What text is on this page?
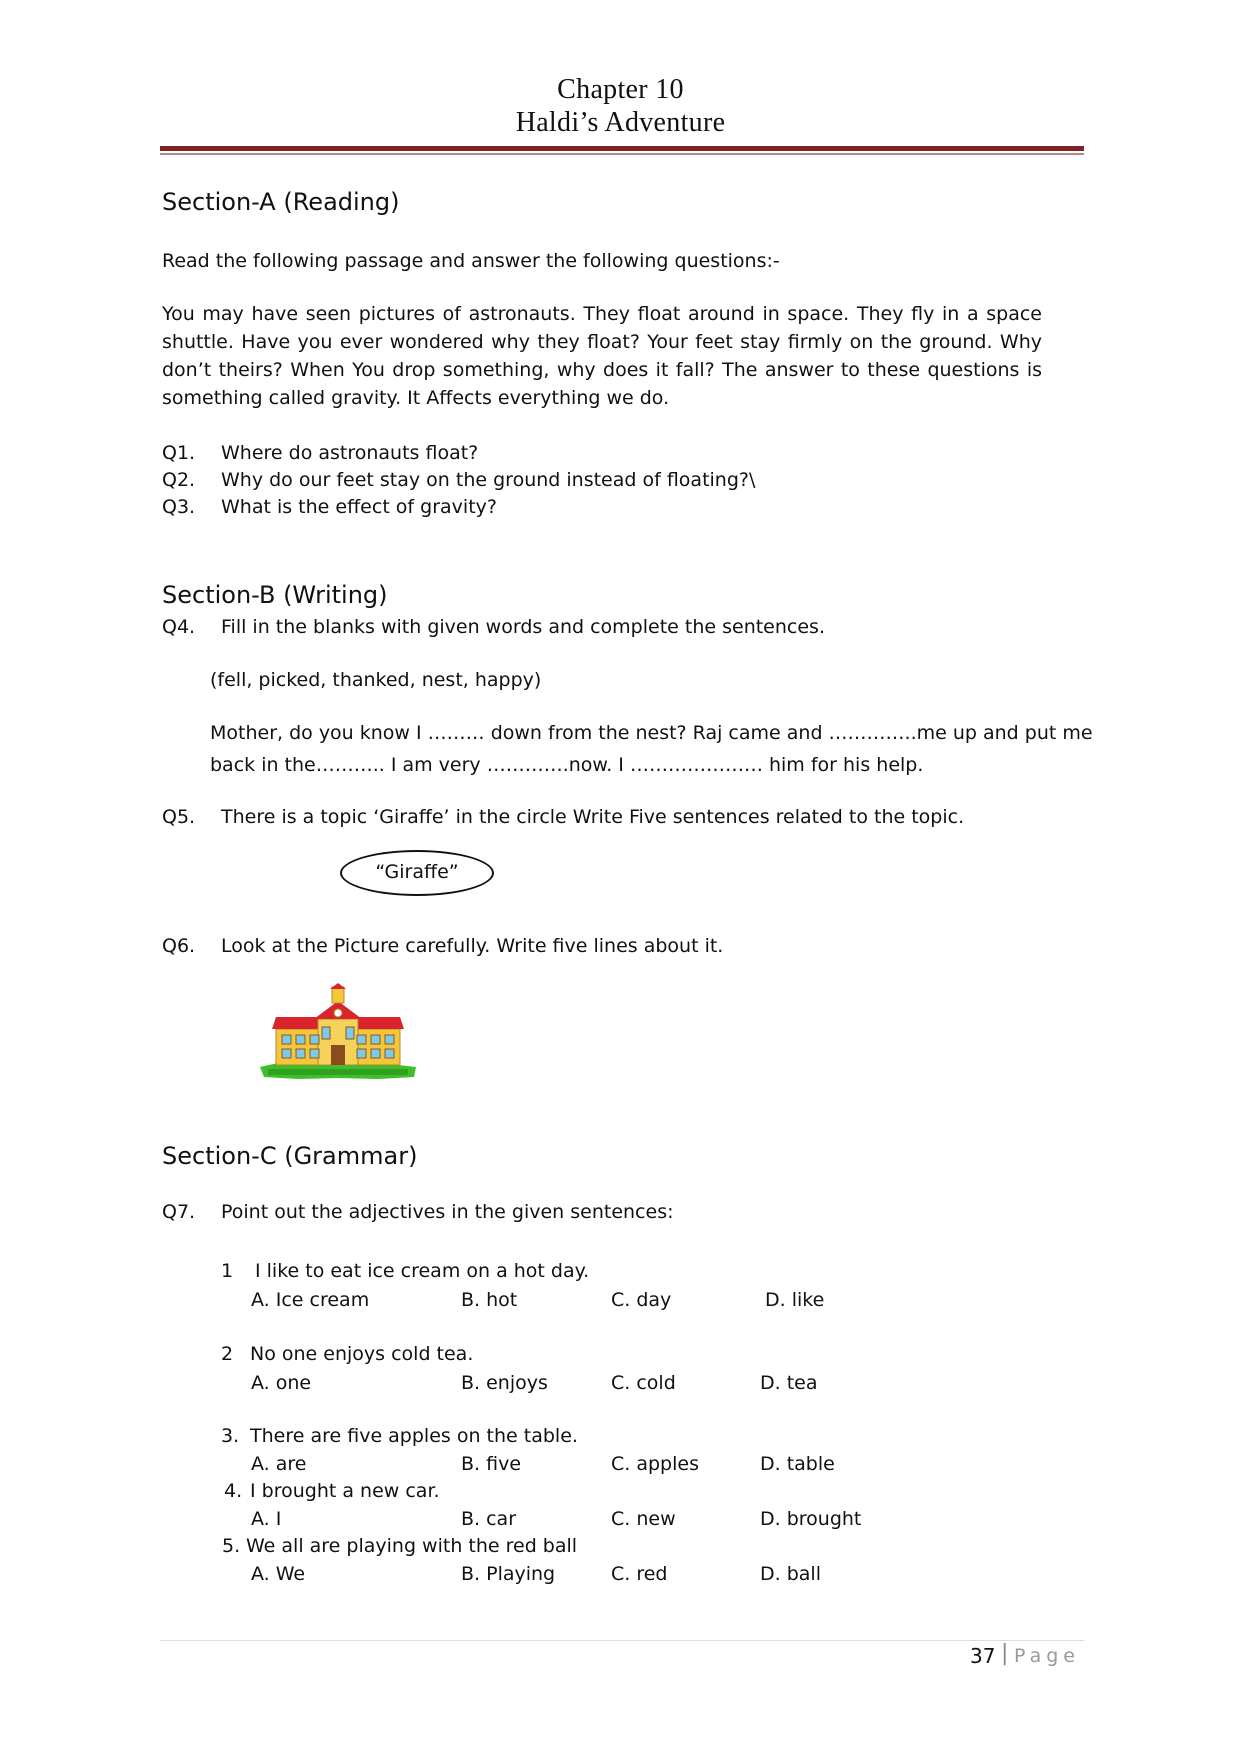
Chapter 10
Haldi’s Adventure
Section-A (Reading)
Read the following passage and answer the following questions:-
You may have seen pictures of astronauts. They float around in space. They fly in a space shuttle. Have you ever wondered why they float? Your feet stay firmly on the ground. Why don’t theirs? When You drop something, why does it fall? The answer to these questions is something called gravity. It Affects everything we do.
Q1. Where do astronauts float?
Q2. Why do our feet stay on the ground instead of floating?\
Q3. What is the effect of gravity?
Section-B (Writing)
Q4. Fill in the blanks with given words and complete the sentences.
(fell, picked, thanked, nest, happy)
Mother, do you know I ……… down from the nest? Raj came and …………..me up and put me
back in the……….. I am very ………….now. I ………………… him for his help.
Q5. There is a topic ‘Giraffe’ in the circle Write Five sentences related to the topic.
“Giraffe”
Q6. Look at the Picture carefully. Write five lines about it.
Section-C (Grammar)
Q7. Point out the adjectives in the given sentences:
1 I like to eat ice cream on a hot day.
A. Ice cream	B. hot	C. day	D. like
2 No one enjoys cold tea.
A. one	B. enjoys	C. cold	D. tea
3. There are five apples on the table.
A. are	B. five	C. apples	D. table
4. I brought a new car.
A. I	B. car	C. new	D. brought
5. We all are playing with the red ball
A. We	B. Playing	C. red	D. ball
37 | Page
